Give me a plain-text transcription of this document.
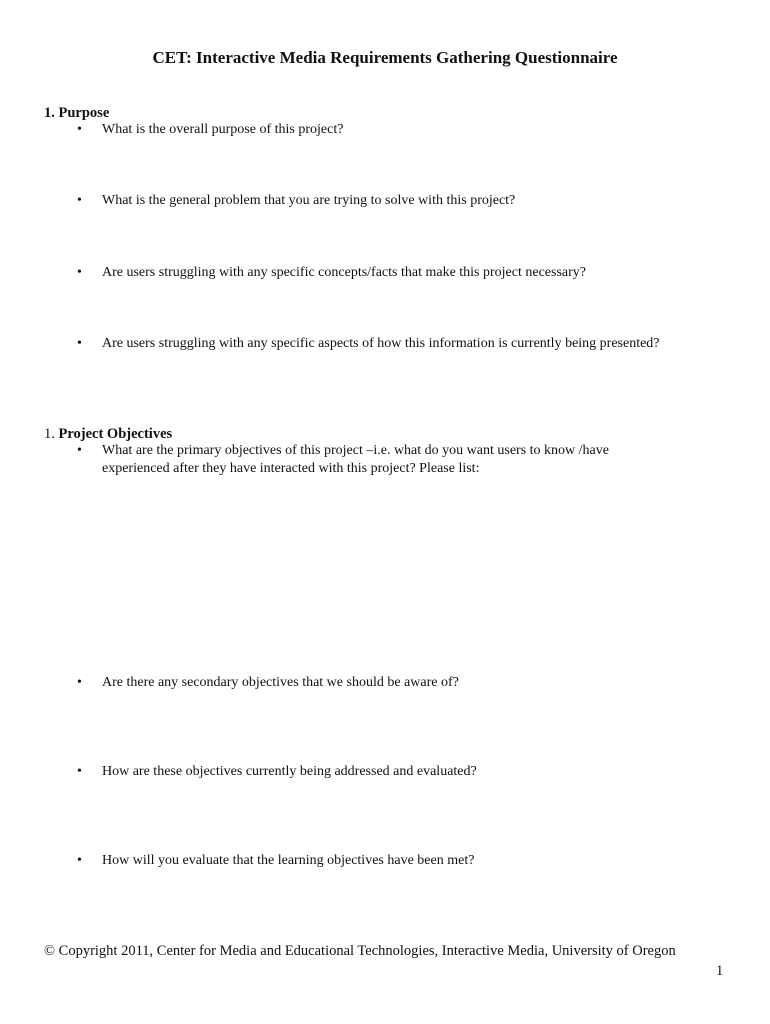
CET: Interactive Media Requirements Gathering Questionnaire
1. Purpose
• What is the overall purpose of this project?
• What is the general problem that you are trying to solve with this project?
• Are users struggling with any specific concepts/facts that make this project necessary?
• Are users struggling with any specific aspects of how this information is currently being presented?
1. Project Objectives
• What are the primary objectives of this project –i.e. what do you want users to know /have
experienced after they have interacted with this project? Please list:
• Are there any secondary objectives that we should be aware of?
• How are these objectives currently being addressed and evaluated?
• How will you evaluate that the learning objectives have been met?
© Copyright 2011, Center for Media and Educational Technologies, Interactive Media, University of Oregon
1
